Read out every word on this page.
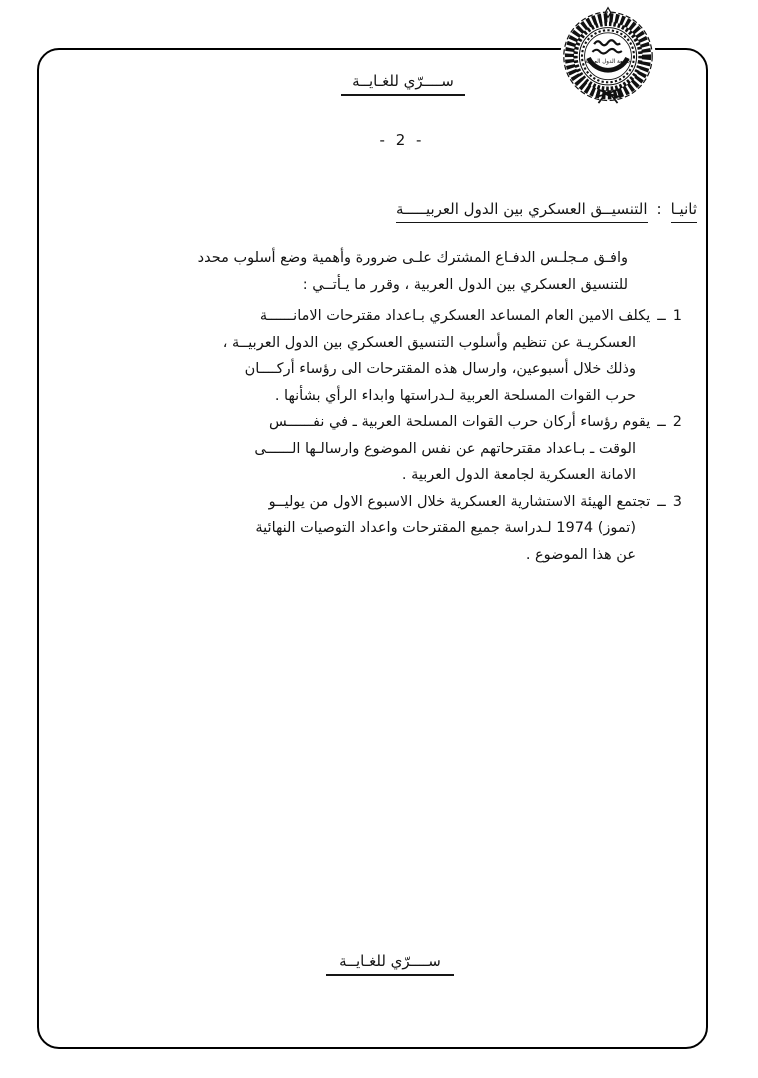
جامعة الدول العربية
ســــرّي للغـايــة
- 2 -
ثانيـا
:
التنسيــق العسكري بين الدول العربيـــــة
وافـق مـجلـس الدفـاع المشترك علـى ضرورة وأهمية وضع أسلوب محدد
للتنسيق العسكري بين الدول العربية ، وقرر ما يـأتــي :
1
ــ
يكلف الامين العام المساعد العسكري بـاعداد مقترحات الامانــــــة
العسكريـة عن تنظيم وأسلوب التنسيق العسكري بين الدول العربيــة ،
وذلك خلال أسبوعين، وارسال هذه المقترحات الى رؤساء أركــــان
حرب القوات المسلحة العربية لـدراستها وابداء الرأي بشأنها .
2
ــ
يقوم رؤساء أركان حرب القوات المسلحة العربية ـ في نفــــــس
الوقت ـ بـاعداد مقترحاتهم عن نفس الموضوع وارسالـها الــــــى
الامانة العسكرية لجامعة الدول العربية .
3
ــ
تجتمع الهيئة الاستشارية العسكرية خلال الاسبوع الاول من يوليــو
(تموز) 1974 لـدراسة جميع المقترحات واعداد التوصيات النهائية
عن هذا الموضوع .
ســــرّي للغـايــة
